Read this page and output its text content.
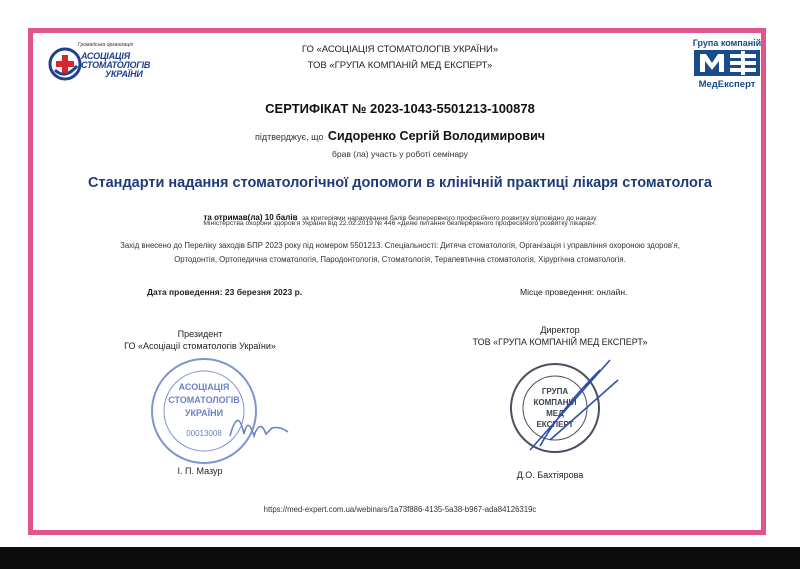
Громадська організація
АСОЦІАЦІЯ
СТОМАТОЛОГІВ
УКРАЇНИ
Група компаній
МедЕксперт
ГО «АСОЦІАЦІЯ СТОМАТОЛОГІВ УКРАЇНИ»
ТОВ «ГРУПА КОМПАНІЙ МЕД ЕКСПЕРТ»
СЕРТИФІКАТ № 2023-1043-5501213-100878
підтверджує, що Сидоренко Сергій Володимирович
брав (ла) участь у роботі семінару
Стандарти надання стоматологічної допомоги в клінічній практиці лікаря стоматолога
та отримав(ла) 10 балів за критеріями нарахування балів безперервного професійного розвитку відповідно до наказу
Міністерства охорони здоров'я України від 22.02.2019 № 446 «Деякі питання безперервного професійного розвитку лікарів».
Захід внесено до Переліку заходів БПР 2023 року під номером 5501213. Спеціальності: Дитяча стоматологія, Організація і управління охороною здоров'я,
Ортодонтія, Ортопедична стоматологія, Пародонтологія, Стоматологія, Терапевтична стоматологія, Хірургічна стоматологія.
Дата проведення: 23 березня 2023 р.	Місце проведення: онлайн.
Президент
ГО «Асоціації стоматологів України»
АСОЦІАЦІЯ
СТОМАТОЛОГІВ
УКРАЇНИ
00013008
І. П. Мазур
Директор
ТОВ «ГРУПА КОМПАНІЙ МЕД ЕКСПЕРТ»
ГРУПА
КОМПАНІЙ
МЕД
ЕКСПЕРТ
Д.О. Бахтіярова
https://med-expert.com.ua/webinars/1a73f886-4135-5a38-b967-ada84126319c
